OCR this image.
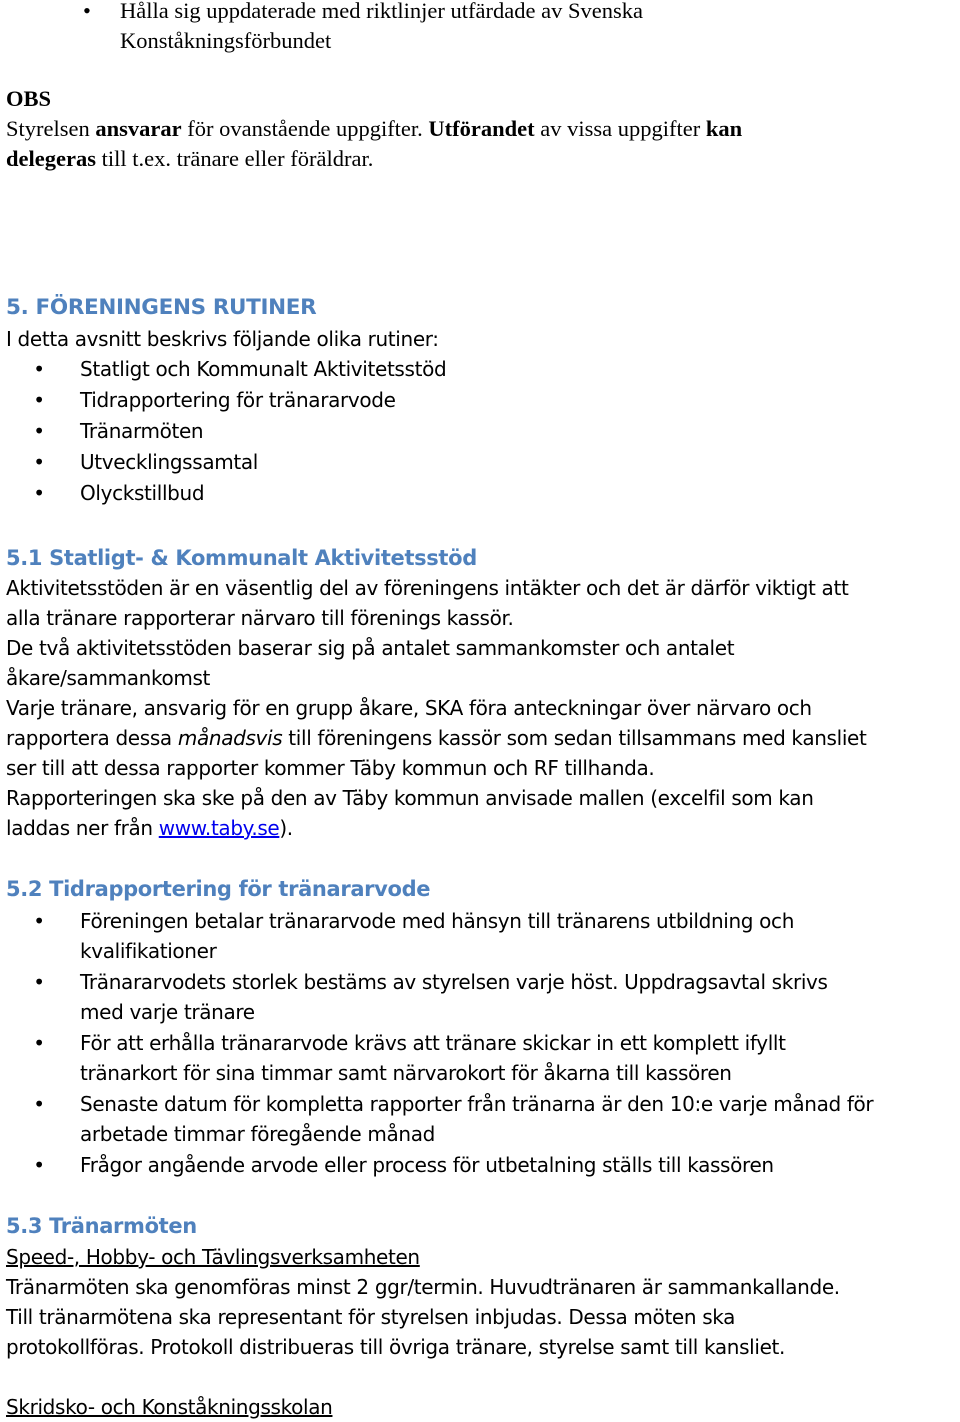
• Hålla sig uppdaterade med riktlinjer utfärdade av Svenska
Konståkningsförbundet
OBS
Styrelsen ansvarar för ovanstående uppgifter. Utförandet av vissa uppgifter kan
delegeras till t.ex. tränare eller föräldrar.
5. FÖRENINGENS RUTINER
I detta avsnitt beskrivs följande olika rutiner:
• Statligt och Kommunalt Aktivitetsstöd
• Tidrapportering för tränararvode
• Tränarmöten
• Utvecklingssamtal
• Olyckstillbud
5.1 Statligt- & Kommunalt Aktivitetsstöd
Aktivitetsstöden är en väsentlig del av föreningens intäkter och det är därför viktigt att
alla tränare rapporterar närvaro till förenings kassör.
De två aktivitetsstöden baserar sig på antalet sammankomster och antalet
åkare/sammankomst
Varje tränare, ansvarig för en grupp åkare, SKA föra anteckningar över närvaro och
rapportera dessa månadsvis till föreningens kassör som sedan tillsammans med kansliet
ser till att dessa rapporter kommer Täby kommun och RF tillhanda.
Rapporteringen ska ske på den av Täby kommun anvisade mallen (excelfil som kan
laddas ner från www.taby.se).
5.2 Tidrapportering för tränararvode
• Föreningen betalar tränararvode med hänsyn till tränarens utbildning och
kvalifikationer
• Tränararvodets storlek bestäms av styrelsen varje höst. Uppdragsavtal skrivs
med varje tränare
• För att erhålla tränararvode krävs att tränare skickar in ett komplett ifyllt
tränarkort för sina timmar samt närvarokort för åkarna till kassören
• Senaste datum för kompletta rapporter från tränarna är den 10:e varje månad för
arbetade timmar föregående månad
• Frågor angående arvode eller process för utbetalning ställs till kassören
5.3 Tränarmöten
Speed-, Hobby- och Tävlingsverksamheten
Tränarmöten ska genomföras minst 2 ggr/termin. Huvudtränaren är sammankallande.
Till tränarmötena ska representant för styrelsen inbjudas. Dessa möten ska
protokollföras. Protokoll distribueras till övriga tränare, styrelse samt till kansliet.
Skridsko- och Konståkningsskolan
